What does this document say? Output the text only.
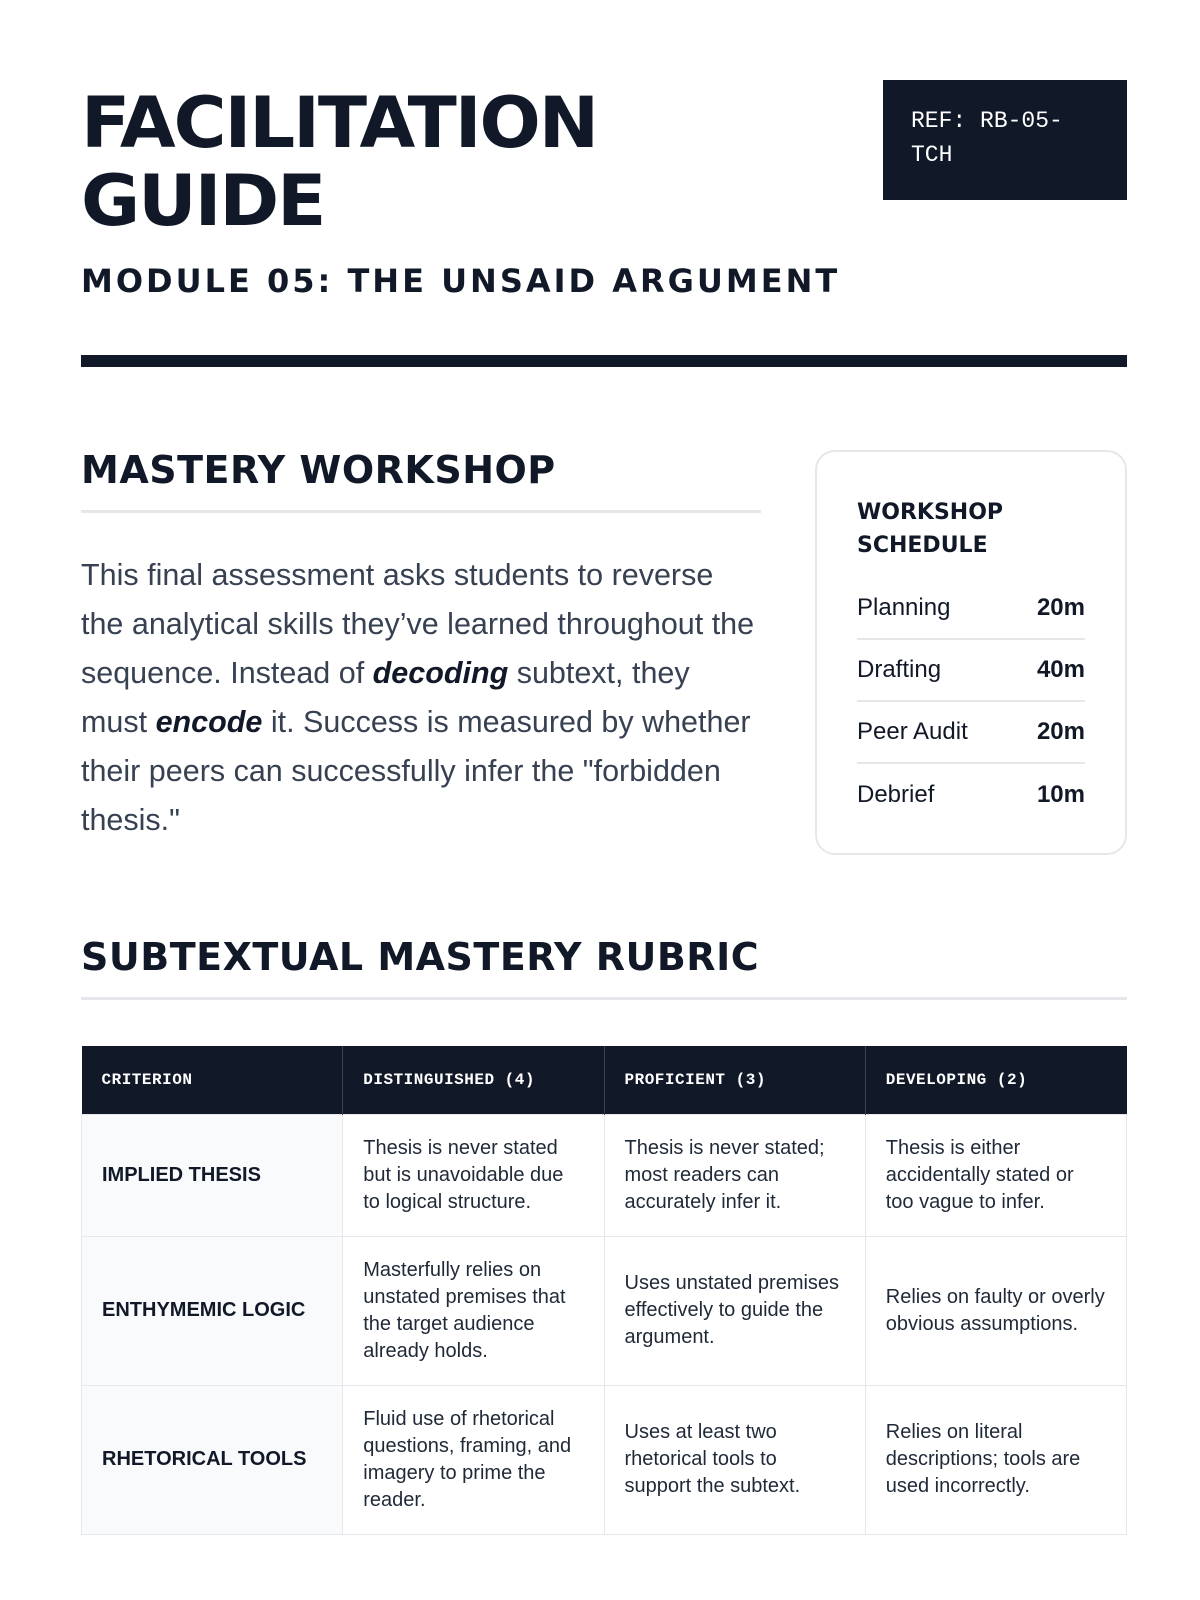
FACILITATION
GUIDE
MODULE 05: THE UNSAID ARGUMENT
REF: RB-05-TCH
MASTERY WORKSHOP

This final assessment asks students to reverse the analytical skills they’ve learned throughout the sequence. Instead of decoding subtext, they must encode it. Success is measured by whether their peers can successfully infer the "forbidden thesis."

WORKSHOP SCHEDULE
Planning	20m
Drafting	40m
Peer Audit	20m
Debrief	10m
SUBTEXTUAL MASTERY RUBRIC
CRITERION	DISTINGUISHED (4)	PROFICIENT (3)	DEVELOPING (2)
IMPLIED THESIS	Thesis is never stated but is unavoidable due to logical structure.	Thesis is never stated; most readers can accurately infer it.	Thesis is either accidentally stated or too vague to infer.
ENTHYMEMIC LOGIC	Masterfully relies on unstated premises that the target audience already holds.	Uses unstated premises effectively to guide the argument.	Relies on faulty or overly obvious assumptions.
RHETORICAL TOOLS	Fluid use of rhetorical questions, framing, and imagery to prime the reader.	Uses at least two rhetorical tools to support the subtext.	Relies on literal descriptions; tools are used incorrectly.
